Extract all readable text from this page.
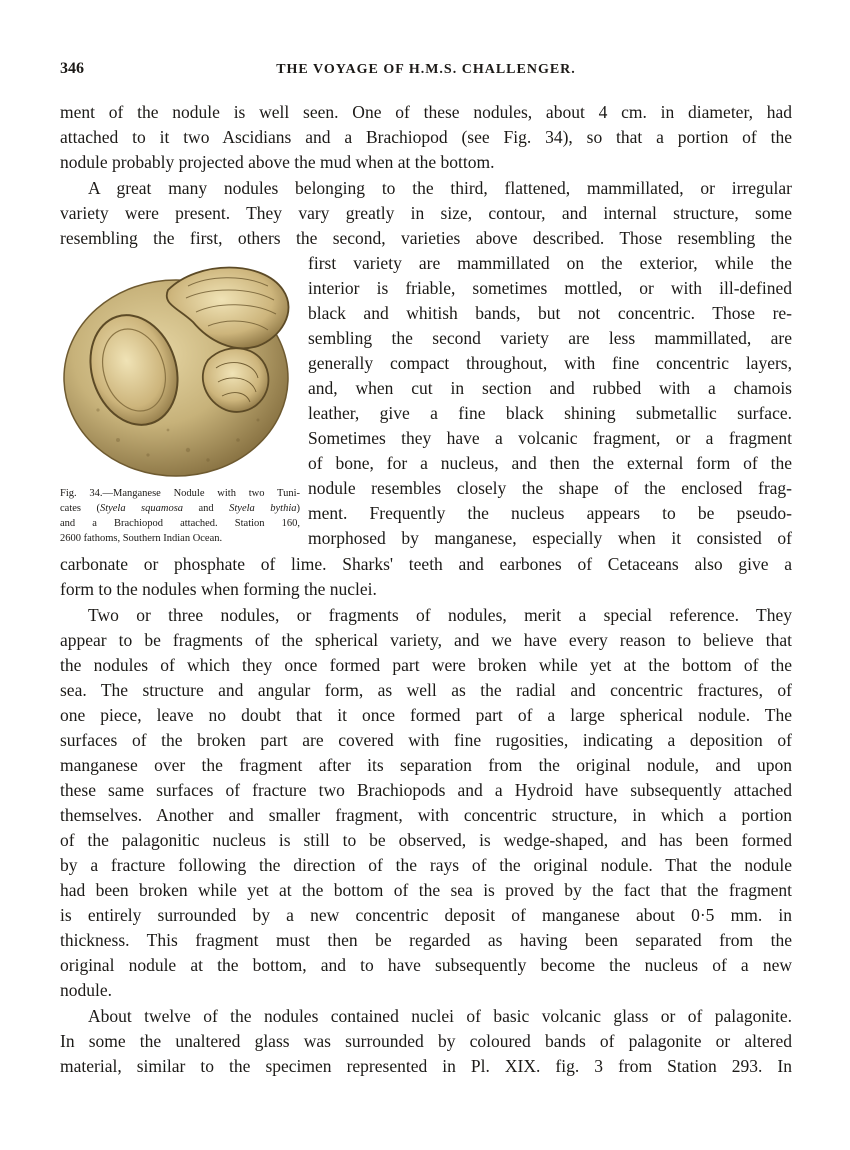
346	THE VOYAGE OF H.M.S. CHALLENGER.
ment of the nodule is well seen. One of these nodules, about 4 cm. in diameter, had
attached to it two Ascidians and a Brachiopod (see Fig. 34), so that a portion of the
nodule probably projected above the mud when at the bottom.
A great many nodules belonging to the third, flattened, mammillated, or irregular
variety were present. They vary greatly in size, contour, and internal structure, some
resembling the first, others the second, varieties above described. Those resembling the
first variety are mammillated on the exterior, while the
interior is friable, sometimes mottled, or with ill-defined
black and whitish bands, but not concentric. Those re-
sembling the second variety are less mammillated, are
generally compact throughout, with fine concentric layers,
and, when cut in section and rubbed with a chamois
leather, give a fine black shining submetallic surface.
Sometimes they have a volcanic fragment, or a fragment
of bone, for a nucleus, and then the external form of the
nodule resembles closely the shape of the enclosed frag-
ment. Frequently the nucleus appears to be pseudo-
morphosed by manganese, especially when it consisted of
carbonate or phosphate of lime. Sharks' teeth and earbones of Cetaceans also give a
form to the nodules when forming the nuclei.
Two or three nodules, or fragments of nodules, merit a special reference. They
appear to be fragments of the spherical variety, and we have every reason to believe that
the nodules of which they once formed part were broken while yet at the bottom of the
sea. The structure and angular form, as well as the radial and concentric fractures, of
one piece, leave no doubt that it once formed part of a large spherical nodule. The
surfaces of the broken part are covered with fine rugosities, indicating a deposition of
manganese over the fragment after its separation from the original nodule, and upon
these same surfaces of fracture two Brachiopods and a Hydroid have subsequently attached
themselves. Another and smaller fragment, with concentric structure, in which a portion
of the palagonitic nucleus is still to be observed, is wedge-shaped, and has been formed
by a fracture following the direction of the rays of the original nodule. That the nodule
had been broken while yet at the bottom of the sea is proved by the fact that the fragment
is entirely surrounded by a new concentric deposit of manganese about 0·5 mm. in
thickness. This fragment must then be regarded as having been separated from the
original nodule at the bottom, and to have subsequently become the nucleus of a new
nodule.
About twelve of the nodules contained nuclei of basic volcanic glass or of palagonite.
In some the unaltered glass was surrounded by coloured bands of palagonite or altered
material, similar to the specimen represented in Pl. XIX. fig. 3 from Station 293. In
Fig. 34.—Manganese Nodule with two Tuni-
cates (Styela squamosa and Styela bythia)
and a Brachiopod attached. Station 160,
2600 fathoms, Southern Indian Ocean.
